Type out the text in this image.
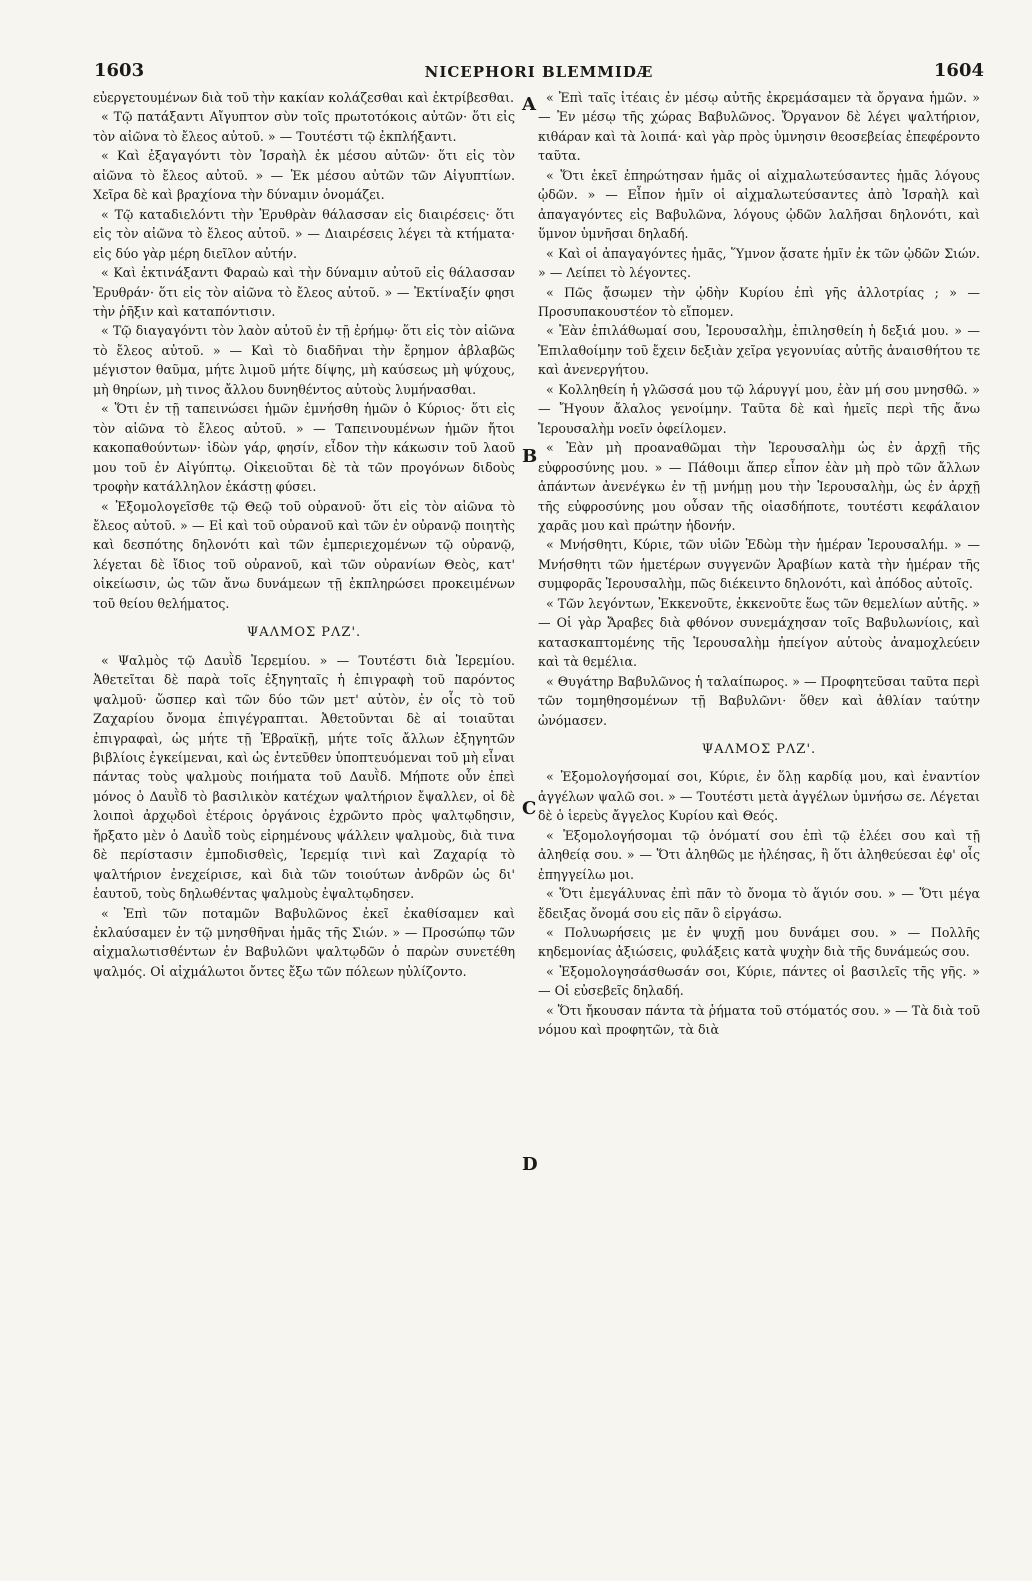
1603	NICEPHORI BLEMMIDÆ	1604
A
B
C
D

εὐεργετουμένων διὰ τοῦ τὴν κακίαν κολάζεσθαι καὶ ἐκτρίβεσθαι.

« Τῷ πατάξαντι Αἴγυπτον σὺν τοῖς πρωτοτόκοις αὐτῶν· ὅτι εἰς τὸν αἰῶνα τὸ ἔλεος αὐτοῦ. » — Τουτέστι τῷ ἐκπλήξαντι.

« Καὶ ἐξαγαγόντι τὸν Ἰσραὴλ ἐκ μέσου αὐτῶν· ὅτι εἰς τὸν αἰῶνα τὸ ἔλεος αὐτοῦ. » — Ἐκ μέσου αὐτῶν τῶν Αἰγυπτίων. Χεῖρα δὲ καὶ βραχίονα τὴν δύναμιν ὀνομάζει.

« Τῷ καταδιελόντι τὴν Ἐρυθρὰν θάλασσαν εἰς διαιρέσεις· ὅτι εἰς τὸν αἰῶνα τὸ ἔλεος αὐτοῦ. » — Διαιρέσεις λέγει τὰ κτήματα· εἰς δύο γὰρ μέρη διεῖλον αὐτήν.

« Καὶ ἐκτινάξαντι Φαραὼ καὶ τὴν δύναμιν αὐτοῦ εἰς θάλασσαν Ἐρυθράν· ὅτι εἰς τὸν αἰῶνα τὸ ἔλεος αὐτοῦ. » — Ἐκτίναξίν φησι τὴν ῥῆξιν καὶ καταπόντισιν.

« Τῷ διαγαγόντι τὸν λαὸν αὐτοῦ ἐν τῇ ἐρήμῳ· ὅτι εἰς τὸν αἰῶνα τὸ ἔλεος αὐτοῦ. » — Καὶ τὸ διαδῆναι τὴν ἔρημον ἀβλαβῶς μέγιστον θαῦμα, μήτε λιμοῦ μήτε δίψης, μὴ καύσεως μὴ ψύχους, μὴ θηρίων, μὴ τινος ἄλλου δυνηθέντος αὐτοὺς λυμήνασθαι.

« Ὅτι ἐν τῇ ταπεινώσει ἡμῶν ἐμνήσθη ἡμῶν ὁ Κύριος· ὅτι εἰς τὸν αἰῶνα τὸ ἔλεος αὐτοῦ. » — Ταπεινουμένων ἡμῶν ἤτοι κακοπαθούντων· ἰδὼν γάρ, φησίν, εἶδον τὴν κάκωσιν τοῦ λαοῦ μου τοῦ ἐν Αἰγύπτῳ. Οἰκειοῦται δὲ τὰ τῶν προγόνων διδοὺς τροφὴν κατάλληλον ἑκάστῃ φύσει.

« Ἐξομολογεῖσθε τῷ Θεῷ τοῦ οὐρανοῦ· ὅτι εἰς τὸν αἰῶνα τὸ ἔλεος αὐτοῦ. » — Εἰ καὶ τοῦ οὐρανοῦ καὶ τῶν ἐν οὐρανῷ ποιητὴς καὶ δεσπότης δηλονότι καὶ τῶν ἐμπεριεχομένων τῷ οὐρανῷ, λέγεται δὲ ἴδιος τοῦ οὐρανοῦ, καὶ τῶν οὐρανίων Θεὸς, κατ' οἰκείωσιν, ὡς τῶν ἄνω δυνάμεων τῇ ἐκπληρώσει προκειμένων τοῦ θείου θελήματος.

ΨΑΛΜΟΣ ΡΛΖ'.

« Ψαλμὸς τῷ Δαυῒδ Ἱερεμίου. » — Τουτέστι διὰ Ἱερεμίου. Ἀθετεῖται δὲ παρὰ τοῖς ἐξηγηταῖς ἡ ἐπιγραφὴ τοῦ παρόντος ψαλμοῦ· ὥσπερ καὶ τῶν δύο τῶν μετ' αὐτὸν, ἐν οἷς τὸ τοῦ Ζαχαρίου ὄνομα ἐπιγέγραπται. Ἀθετοῦνται δὲ αἱ τοιαῦται ἐπιγραφαὶ, ὡς μήτε τῇ Ἑβραϊκῇ, μήτε τοῖς ἄλλων ἐξηγητῶν βιβλίοις ἐγκείμεναι, καὶ ὡς ἐντεῦθεν ὑποπτευόμεναι τοῦ μὴ εἶναι πάντας τοὺς ψαλμοὺς ποιήματα τοῦ Δαυῒδ. Μήποτε οὖν ἐπεὶ μόνος ὁ Δαυῒδ τὸ βασιλικὸν κατέχων ψαλτήριον ἔψαλλεν, οἱ δὲ λοιποὶ ἀρχῳδοὶ ἑτέροις ὀργάνοις ἐχρῶντο πρὸς ψαλτῳδησιν, ἤρξατο μὲν ὁ Δαυῒδ τοὺς εἰρημένους ψάλλειν ψαλμοὺς, διὰ τινα δὲ περίστασιν ἐμποδισθεὶς, Ἱερεμίᾳ τινὶ καὶ Ζαχαρίᾳ τὸ ψαλτήριον ἐνεχείρισε, καὶ διὰ τῶν τοιούτων ἀνδρῶν ὡς δι' ἑαυτοῦ, τοὺς δηλωθέντας ψαλμοὺς ἐψαλτῳδησεν.

« Ἐπὶ τῶν ποταμῶν Βαβυλῶνος ἐκεῖ ἐκαθίσαμεν καὶ ἐκλαύσαμεν ἐν τῷ μνησθῆναι ἡμᾶς τῆς Σιών. » — Προσώπῳ τῶν αἰχμαλωτισθέντων ἐν Βαβυλῶνι ψαλτῳδῶν ὁ παρὼν συνετέθη ψαλμός. Οἱ αἰχμάλωτοι ὄντες ἔξω τῶν πόλεων ηὐλίζοντο.

« Ἐπὶ ταῖς ἰτέαις ἐν μέσῳ αὐτῆς ἐκρεμάσαμεν τὰ ὄργανα ἡμῶν. » — Ἐν μέσῳ τῆς χώρας Βαβυλῶνος. Ὄργανον δὲ λέγει ψαλτήριον, κιθάραν καὶ τὰ λοιπά· καὶ γὰρ πρὸς ὑμνησιν θεοσεβείας ἐπεφέροντο ταῦτα.

« Ὅτι ἐκεῖ ἐπηρώτησαν ἡμᾶς οἱ αἰχμαλωτεύσαντες ἡμᾶς λόγους ᾠδῶν. » — Εἶπον ἡμῖν οἱ αἰχμαλωτεύσαντες ἀπὸ Ἰσραὴλ καὶ ἀπαγαγόντες εἰς Βαβυλῶνα, λόγους ᾠδῶν λαλῆσαι δηλονότι, καὶ ὕμνον ὑμνῆσαι δηλαδή.

« Καὶ οἱ ἀπαγαγόντες ἡμᾶς, Ὕμνον ᾄσατε ἡμῖν ἐκ τῶν ᾠδῶν Σιών. » — Λείπει τὸ λέγοντες.

« Πῶς ᾄσωμεν τὴν ᾠδὴν Κυρίου ἐπὶ γῆς ἀλλοτρίας ; » — Προσυπακουστέον τὸ εἴπομεν.

« Ἐὰν ἐπιλάθωμαί σου, Ἱερουσαλὴμ, ἐπιλησθείη ἡ δεξιά μου. » — Ἐπιλαθοίμην τοῦ ἔχειν δεξιὰν χεῖρα γεγονυίας αὐτῆς ἀναισθήτου τε καὶ ἀνενεργήτου.

« Κολληθείη ἡ γλῶσσά μου τῷ λάρυγγί μου, ἐὰν μή σου μνησθῶ. » — Ἤγουν ἄλαλος γενοίμην. Ταῦτα δὲ καὶ ἡμεῖς περὶ τῆς ἄνω Ἱερουσαλὴμ νοεῖν ὀφείλομεν.

« Ἐὰν μὴ προαναθῶμαι τὴν Ἱερουσαλὴμ ὡς ἐν ἀρχῇ τῆς εὐφροσύνης μου. » — Πάθοιμι ἅπερ εἶπον ἐὰν μὴ πρὸ τῶν ἄλλων ἁπάντων ἀνενέγκω ἐν τῇ μνήμῃ μου τὴν Ἱερουσαλὴμ, ὡς ἐν ἀρχῇ τῆς εὐφροσύνης μου οὖσαν τῆς οἱασδήποτε, τουτέστι κεφάλαιον χαρᾶς μου καὶ πρώτην ἡδονήν.

« Μνήσθητι, Κύριε, τῶν υἱῶν Ἐδὼμ τὴν ἡμέραν Ἱερουσαλήμ. » — Μνήσθητι τῶν ἡμετέρων συγγενῶν Ἀραβίων κατὰ τὴν ἡμέραν τῆς συμφορᾶς Ἱερουσαλὴμ, πῶς διέκειντο δηλονότι, καὶ ἀπόδος αὐτοῖς.

« Τῶν λεγόντων, Ἐκκενοῦτε, ἐκκενοῦτε ἕως τῶν θεμελίων αὐτῆς. » — Οἱ γὰρ Ἄραβες διὰ φθόνον συνεμάχησαν τοῖς Βαβυλωνίοις, καὶ κατασκαπτομένης τῆς Ἱερουσαλὴμ ἠπείγον αὐτοὺς ἀναμοχλεύειν καὶ τὰ θεμέλια.

« Θυγάτηρ Βαβυλῶνος ἡ ταλαίπωρος. » — Προφητεῦσαι ταῦτα περὶ τῶν τομηθησομένων τῇ Βαβυλῶνι· ὅθεν καὶ ἀθλίαν ταύτην ὠνόμασεν.

ΨΑΛΜΟΣ ΡΛΖ'.

« Ἐξομολογήσομαί σοι, Κύριε, ἐν ὅλῃ καρδίᾳ μου, καὶ ἐναντίον ἀγγέλων ψαλῶ σοι. » — Τουτέστι μετὰ ἀγγέλων ὑμνήσω σε. Λέγεται δὲ ὁ ἱερεὺς ἄγγελος Κυρίου καὶ Θεός.

« Ἐξομολογήσομαι τῷ ὀνόματί σου ἐπὶ τῷ ἐλέει σου καὶ τῇ ἀληθείᾳ σου. » — Ὅτι ἀληθῶς με ἠλέησας, ἢ ὅτι ἀληθεύεσαι ἐφ' οἷς ἐπηγγείλω μοι.

« Ὅτι ἐμεγάλυνας ἐπὶ πᾶν τὸ ὄνομα τὸ ἅγιόν σου. » — Ὅτι μέγα ἔδειξας ὄνομά σου εἰς πᾶν ὃ εἰργάσω.

« Πολυωρήσεις με ἐν ψυχῇ μου δυνάμει σου. » — Πολλῆς κηδεμονίας ἀξιώσεις, φυλάξεις κατὰ ψυχὴν διὰ τῆς δυνάμεώς σου.

« Ἐξομολογησάσθωσάν σοι, Κύριε, πάντες οἱ βασιλεῖς τῆς γῆς. » — Οἱ εὐσεβεῖς δηλαδή.

« Ὅτι ἤκουσαν πάντα τὰ ῥήματα τοῦ στόματός σου. » — Τὰ διὰ τοῦ νόμου καὶ προφητῶν, τὰ διὰ
